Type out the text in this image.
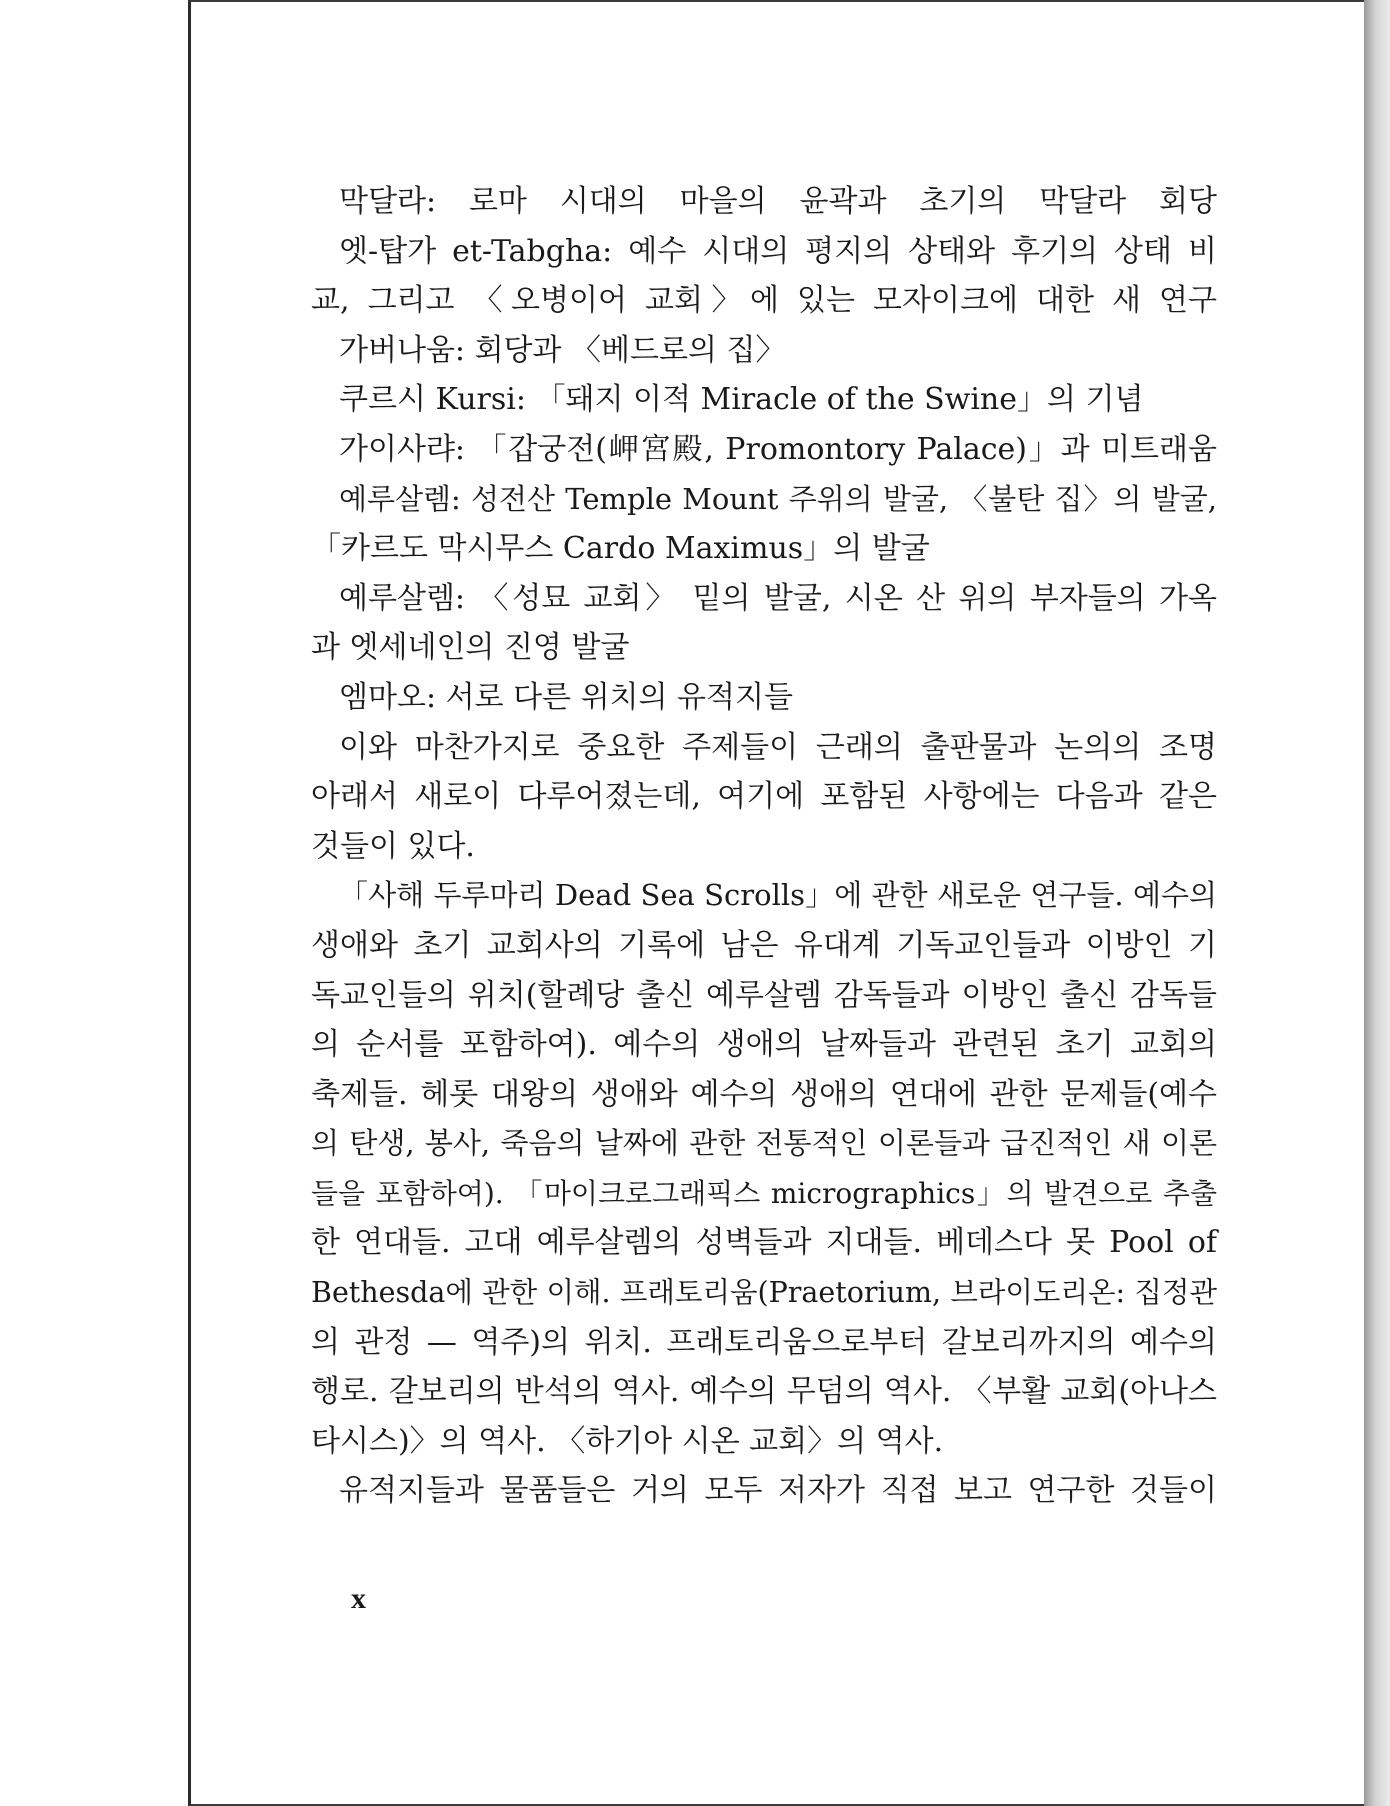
막달라: 로마 시대의 마을의 윤곽과 초기의 막달라 회당
엣-탑가 et-Tabgha: 예수 시대의 평지의 상태와 후기의 상태 비
교, 그리고 〈오병이어 교회〉에 있는 모자이크에 대한 새 연구
가버나움: 회당과 〈베드로의 집〉
쿠르시 Kursi: 「돼지 이적 Miracle of the Swine」의 기념
가이사랴: 「갑궁전(岬宮殿, Promontory Palace)」과 미트래움
예루살렘: 성전산 Temple Mount 주위의 발굴, 〈불탄 집〉의 발굴,
「카르도 막시무스 Cardo Maximus」의 발굴
예루살렘: 〈성묘 교회〉 밑의 발굴, 시온 산 위의 부자들의 가옥
과 엣세네인의 진영 발굴
엠마오: 서로 다른 위치의 유적지들
이와 마찬가지로 중요한 주제들이 근래의 출판물과 논의의 조명
아래서 새로이 다루어졌는데, 여기에 포함된 사항에는 다음과 같은
것들이 있다.
「사해 두루마리 Dead Sea Scrolls」에 관한 새로운 연구들. 예수의
생애와 초기 교회사의 기록에 남은 유대계 기독교인들과 이방인 기
독교인들의 위치(할례당 출신 예루살렘 감독들과 이방인 출신 감독들
의 순서를 포함하여). 예수의 생애의 날짜들과 관련된 초기 교회의
축제들. 헤롯 대왕의 생애와 예수의 생애의 연대에 관한 문제들(예수
의 탄생, 봉사, 죽음의 날짜에 관한 전통적인 이론들과 급진적인 새 이론
들을 포함하여). 「마이크로그래픽스 micrographics」의 발견으로 추출
한 연대들. 고대 예루살렘의 성벽들과 지대들. 베데스다 못 Pool of
Bethesda에 관한 이해. 프래토리움(Praetorium, 브라이도리온: 집정관
의 관정 — 역주)의 위치. 프래토리움으로부터 갈보리까지의 예수의
행로. 갈보리의 반석의 역사. 예수의 무덤의 역사. 〈부활 교회(아나스
타시스)〉의 역사. 〈하기아 시온 교회〉의 역사.
유적지들과 물품들은 거의 모두 저자가 직접 보고 연구한 것들이
x
